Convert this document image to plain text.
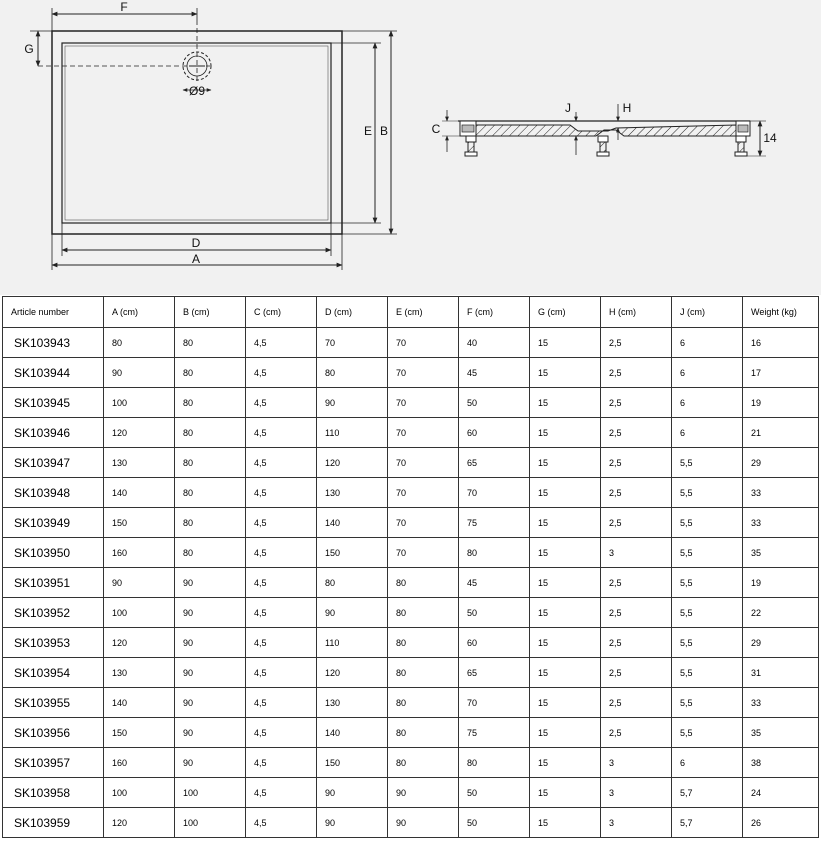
F
G
Ø9
E B
D
A
C
J	H
14
Article number	A (cm)	B (cm)	C (cm)	D (cm)	E (cm)	F (cm)	G (cm)	H (cm)	J (cm)	Weight (kg)
SK103943	80	80	4,5	70	70	40	15	2,5	6	16
SK103944	90	80	4,5	80	70	45	15	2,5	6	17
SK103945	100	80	4,5	90	70	50	15	2,5	6	19
SK103946	120	80	4,5	110	70	60	15	2,5	6	21
SK103947	130	80	4,5	120	70	65	15	2,5	5,5	29
SK103948	140	80	4,5	130	70	70	15	2,5	5,5	33
SK103949	150	80	4,5	140	70	75	15	2,5	5,5	33
SK103950	160	80	4,5	150	70	80	15	3	5,5	35
SK103951	90	90	4,5	80	80	45	15	2,5	5,5	19
SK103952	100	90	4,5	90	80	50	15	2,5	5,5	22
SK103953	120	90	4,5	110	80	60	15	2,5	5,5	29
SK103954	130	90	4,5	120	80	65	15	2,5	5,5	31
SK103955	140	90	4,5	130	80	70	15	2,5	5,5	33
SK103956	150	90	4,5	140	80	75	15	2,5	5,5	35
SK103957	160	90	4,5	150	80	80	15	3	6	38
SK103958	100	100	4,5	90	90	50	15	3	5,7	24
SK103959	120	100	4,5	90	90	50	15	3	5,7	26
